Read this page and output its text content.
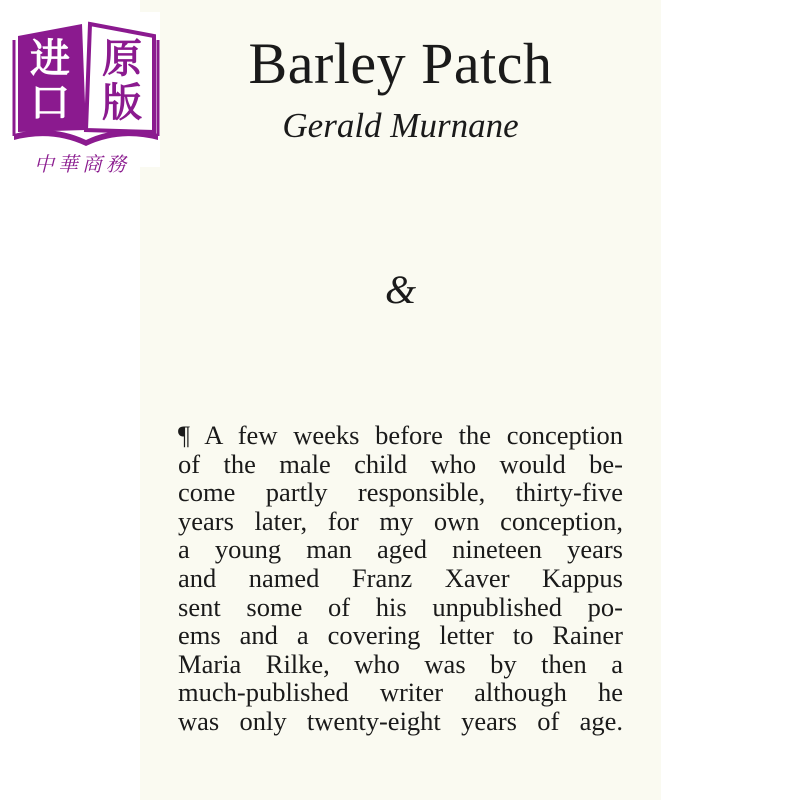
Barley Patch
Gerald Murnane
&
¶ A few weeks before the conception
of the male child who would be-
come partly responsible, thirty-five
years later, for my own conception,
a young man aged nineteen years
and named Franz Xaver Kappus
sent some of his unpublished po-
ems and a covering letter to Rainer
Maria Rilke, who was by then a
much-published writer although he
was only twenty-eight years of age.
进
口
原
版
中華商務
